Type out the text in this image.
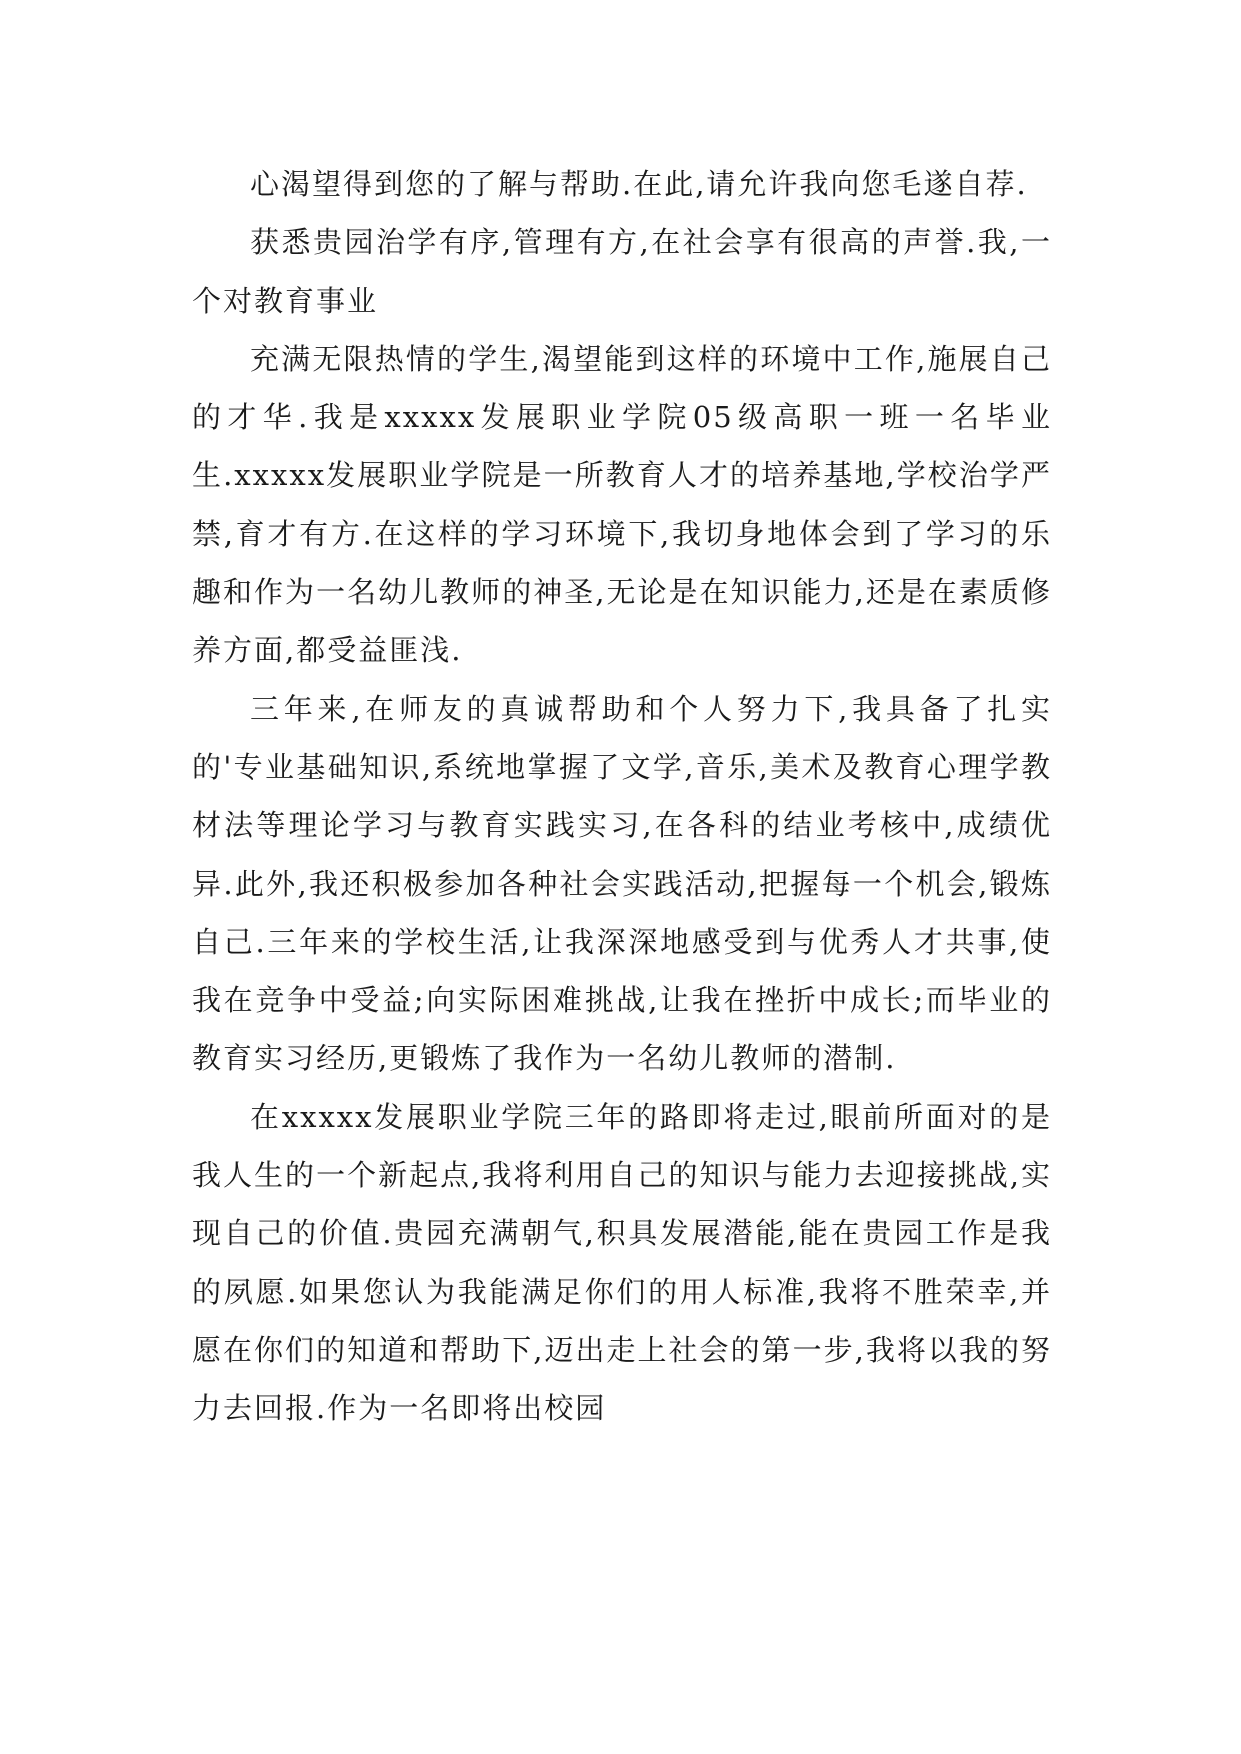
心渴望得到您的了解与帮助.在此,请允许我向您毛遂自荐.

获悉贵园治学有序,管理有方,在社会享有很高的声誉.我,一个对教育事业

充满无限热情的学生,渴望能到这样的环境中工作,施展自己的才华.我是xxxxx发展职业学院05级高职一班一名毕业生.xxxxx发展职业学院是一所教育人才的培养基地,学校治学严禁,育才有方.在这样的学习环境下,我切身地体会到了学习的乐趣和作为一名幼儿教师的神圣,无论是在知识能力,还是在素质修养方面,都受益匪浅.

三年来,在师友的真诚帮助和个人努力下,我具备了扎实的'专业基础知识,系统地掌握了文学,音乐,美术及教育心理学教材法等理论学习与教育实践实习,在各科的结业考核中,成绩优异.此外,我还积极参加各种社会实践活动,把握每一个机会,锻炼自己.三年来的学校生活,让我深深地感受到与优秀人才共事,使我在竞争中受益;向实际困难挑战,让我在挫折中成长;而毕业的教育实习经历,更锻炼了我作为一名幼儿教师的潜制.

在xxxxx发展职业学院三年的路即将走过,眼前所面对的是我人生的一个新起点,我将利用自己的知识与能力去迎接挑战,实现自己的价值.贵园充满朝气,积具发展潜能,能在贵园工作是我的夙愿.如果您认为我能满足你们的用人标准,我将不胜荣幸,并愿在你们的知道和帮助下,迈出走上社会的第一步,我将以我的努力去回报.作为一名即将出校园
